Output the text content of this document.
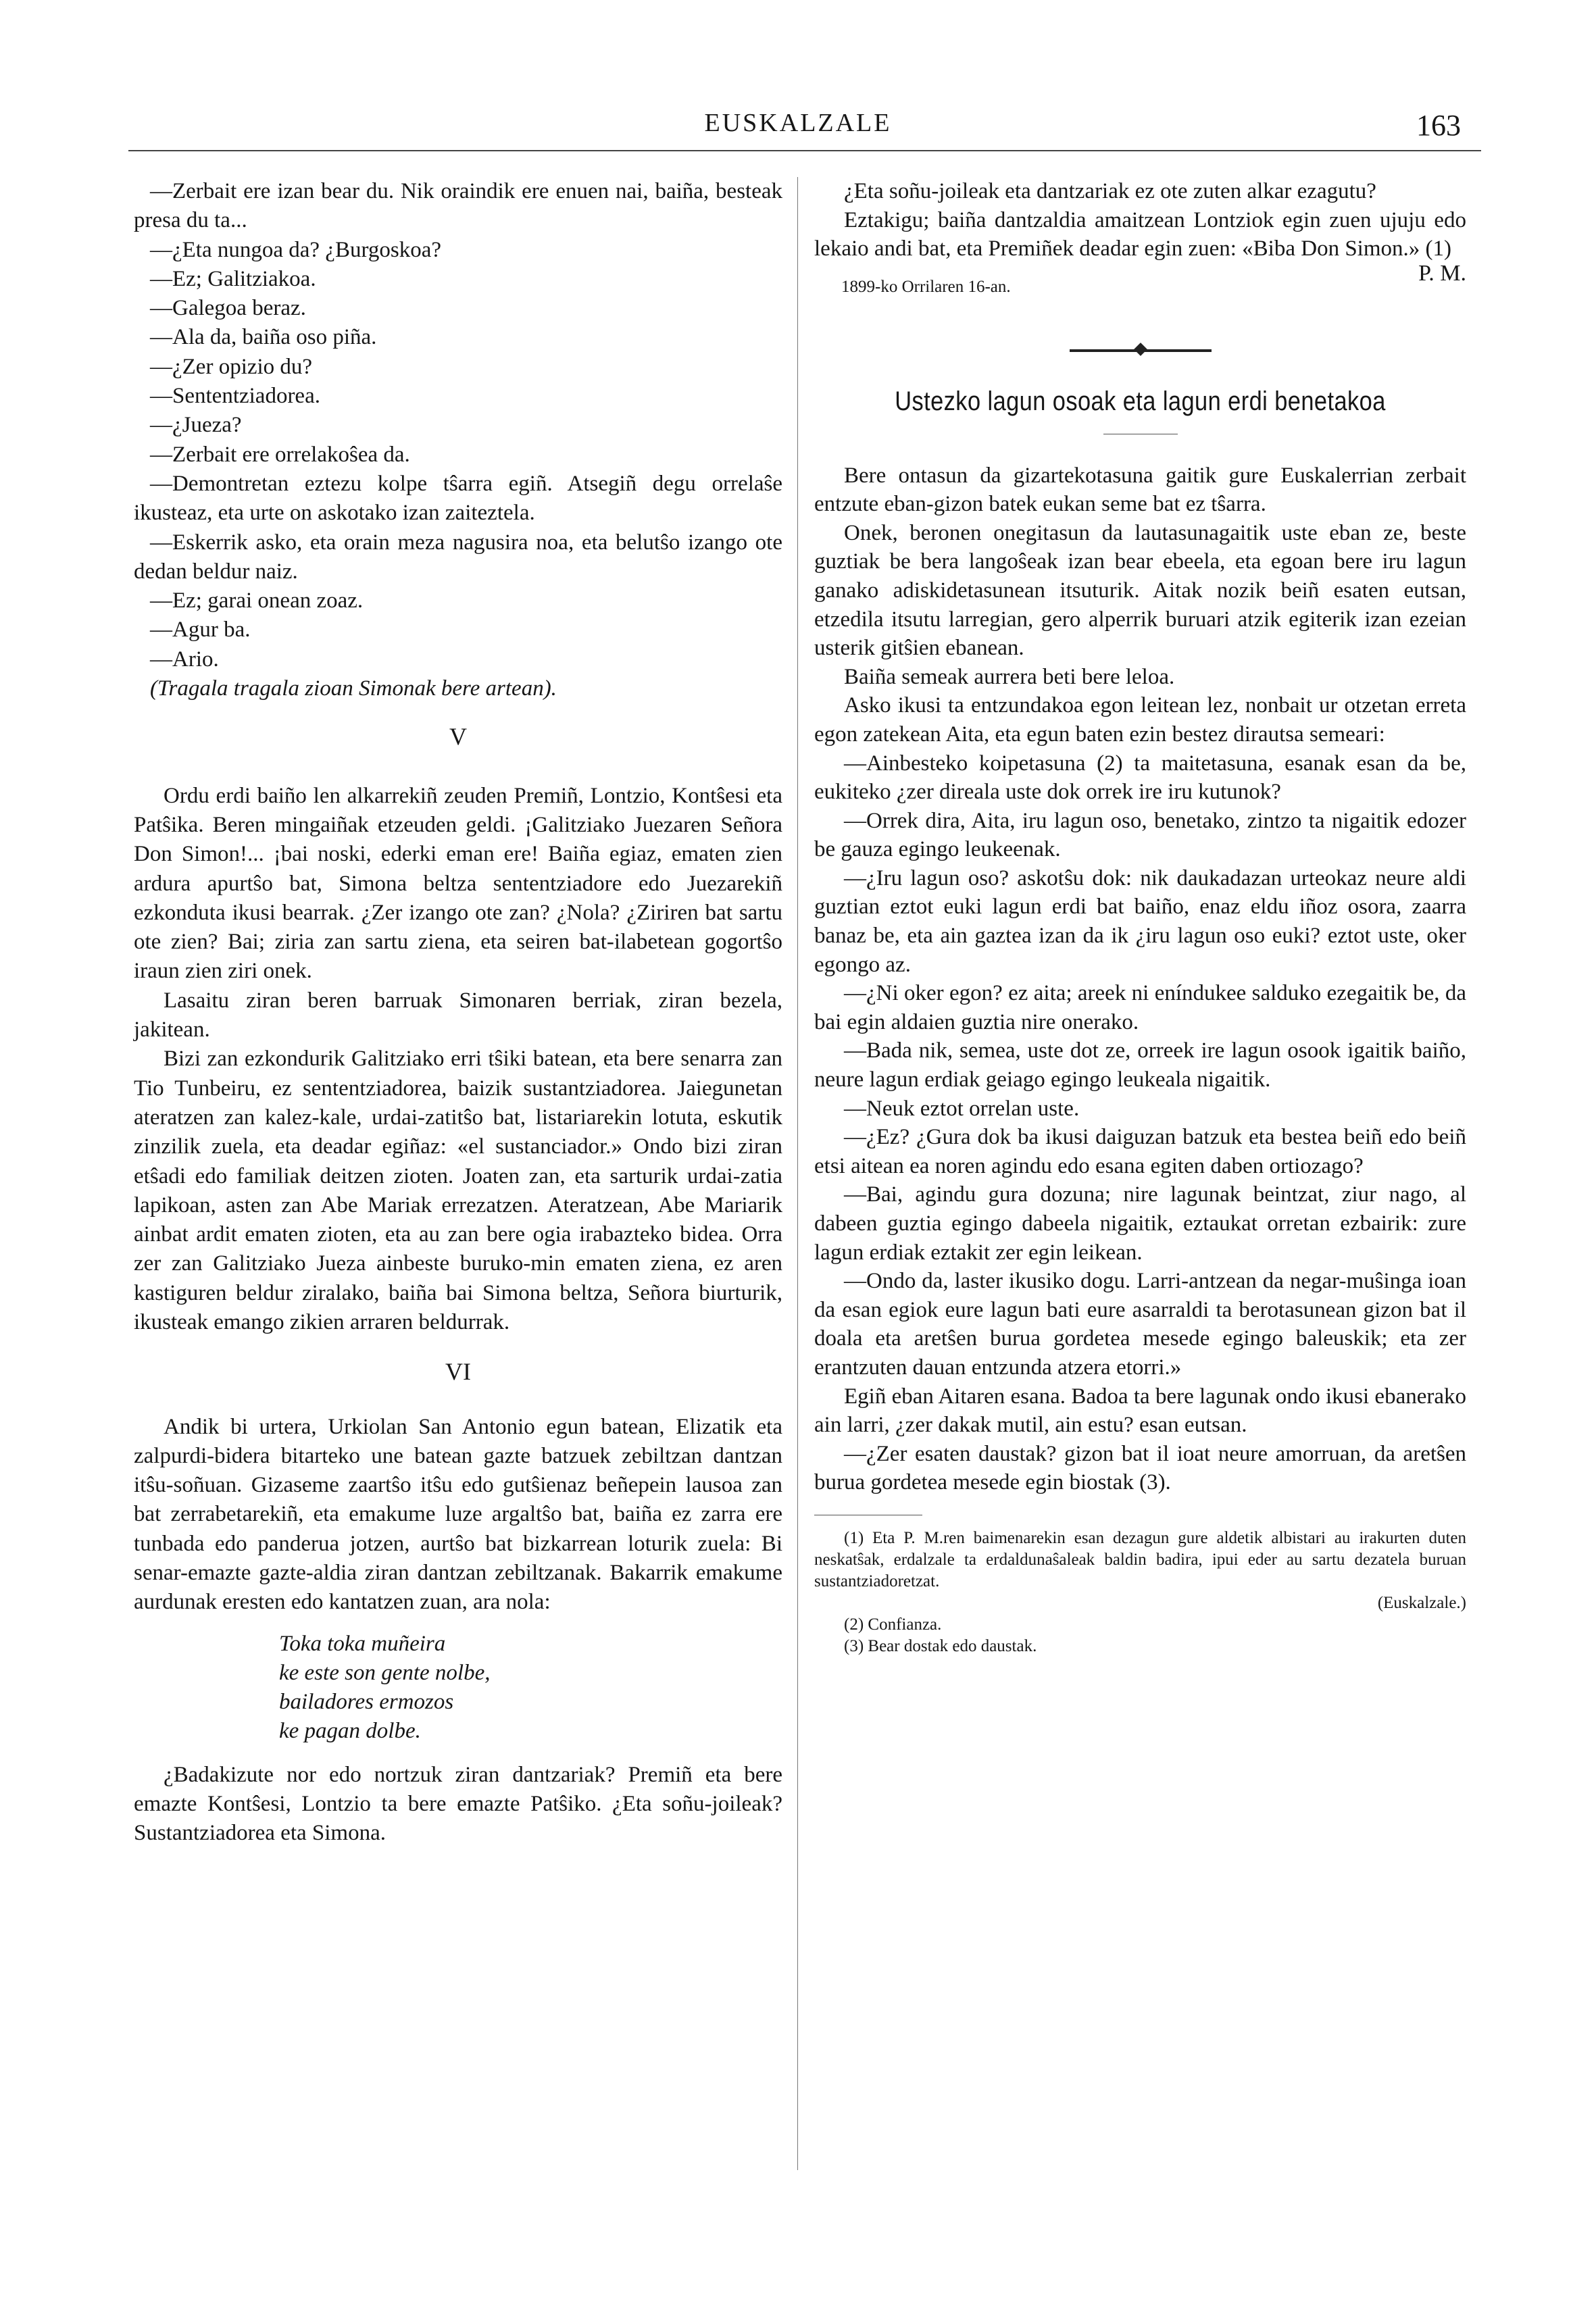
EUSKALZALE	163

—Zerbait ere izan bear du. Nik oraindik ere enuen nai, baiña, besteak presa du ta...

—¿Eta nungoa da? ¿Burgoskoa?

—Ez; Galitziakoa.

—Galegoa beraz.

—Ala da, baiña oso piña.

—¿Zer opizio du?

—Sententziadorea.

—¿Jueza?

—Zerbait ere orrelakoŝea da.

—Demontretan eztezu kolpe tŝarra egiñ. Atsegiñ degu orrelaŝe ikusteaz, eta urte on askotako izan zaiteztela.

—Eskerrik asko, eta orain meza nagusira noa, eta belutŝo izango ote dedan beldur naiz.

—Ez; garai onean zoaz.

—Agur ba.

—Ario.

(Tragala tragala zioan Simonak bere artean).

V

Ordu erdi baiño len alkarrekiñ zeuden Premiñ, Lontzio, Kontŝesi eta Patŝika. Beren mingaiñak etzeuden geldi. ¡Galitziako Juezaren Señora Don Simon!... ¡bai noski, ederki eman ere! Baiña egiaz, ematen zien ardura apurtŝo bat, Simona beltza sententziadore edo Juezarekiñ ezkonduta ikusi bearrak. ¿Zer izango ote zan? ¿Nola? ¿Ziriren bat sartu ote zien? Bai; ziria zan sartu ziena, eta seiren bat-ilabetean gogortŝo iraun zien ziri onek.

Lasaitu ziran beren barruak Simonaren berriak, ziran bezela, jakitean.

Bizi zan ezkondurik Galitziako erri tŝiki batean, eta bere senarra zan Tio Tunbeiru, ez sententziadorea, baizik sustantziadorea. Jaiegunetan ateratzen zan kalez-kale, urdai-zatitŝo bat, listariarekin lotuta, eskutik zinzilik zuela, eta deadar egiñaz: «el sustanciador.» Ondo bizi ziran etŝadi edo familiak deitzen zioten. Joaten zan, eta sarturik urdai-zatia lapikoan, asten zan Abe Mariak errezatzen. Ateratzean, Abe Mariarik ainbat ardit ematen zioten, eta au zan bere ogia irabazteko bidea. Orra zer zan Galitziako Jueza ainbeste buruko-min ematen ziena, ez aren kastiguren beldur ziralako, baiña bai Simona beltza, Señora biurturik, ikusteak emango zikien arraren beldurrak.

VI

Andik bi urtera, Urkiolan San Antonio egun batean, Elizatik eta zalpurdi-bidera bitarteko une batean gazte batzuek zebiltzan dantzan itŝu-soñuan. Gizaseme zaartŝo itŝu edo gutŝienaz beñepein lausoa zan bat zerrabetarekiñ, eta emakume luze argaltŝo bat, baiña ez zarra ere tunbada edo panderua jotzen, aurtŝo bat bizkarrean loturik zuela: Bi senar-emazte gazte-aldia ziran dantzan zebiltzanak. Bakarrik emakume aurdunak eresten edo kantatzen zuan, ara nola:

Toka toka muñeira

ke este son gente nolbe,

bailadores ermozos

ke pagan dolbe.

¿Badakizute nor edo nortzuk ziran dantzariak? Premiñ eta bere emazte Kontŝesi, Lontzio ta bere emazte Patŝiko. ¿Eta soñu-joileak? Sustantziadorea eta Simona.

¿Eta soñu-joileak eta dantzariak ez ote zuten alkar ezagutu?

Eztakigu; baiña dantzaldia amaitzean Lontziok egin zuen ujuju edo lekaio andi bat, eta Premiñek deadar egin zuen: «Biba Don Simon.» (1)

P. M.

1899-ko Orrilaren 16-an.

Ustezko lagun osoak eta lagun erdi benetakoa

Bere ontasun da gizartekotasuna gaitik gure Euskalerrian zerbait entzute eban-gizon batek eukan seme bat ez tŝarra.

Onek, beronen onegitasun da lautasunagaitik uste eban ze, beste guztiak be bera langoŝeak izan bear ebeela, eta egoan bere iru lagun ganako adiskidetasunean itsuturik. Aitak nozik beiñ esaten eutsan, etzedila itsutu larregian, gero alperrik buruari atzik egiterik izan ezeian usterik gitŝien ebanean.

Baiña semeak aurrera beti bere leloa.

Asko ikusi ta entzundakoa egon leitean lez, nonbait ur otzetan erreta egon zatekean Aita, eta egun baten ezin bestez dirautsa semeari:

—Ainbesteko koipetasuna (2) ta maitetasuna, esanak esan da be, eukiteko ¿zer direala uste dok orrek ire iru kutunok?

—Orrek dira, Aita, iru lagun oso, benetako, zintzo ta nigaitik edozer be gauza egingo leukeenak.

—¿Iru lagun oso? askotŝu dok: nik daukadazan urteokaz neure aldi guztian eztot euki lagun erdi bat baiño, enaz eldu iñoz osora, zaarra banaz be, eta ain gaztea izan da ik ¿iru lagun oso euki? eztot uste, oker egongo az.

—¿Ni oker egon? ez aita; areek ni eníndukee salduko ezegaitik be, da bai egin aldaien guztia nire onerako.

—Bada nik, semea, uste dot ze, orreek ire lagun osook igaitik baiño, neure lagun erdiak geiago egingo leukeala nigaitik.

—Neuk eztot orrelan uste.

—¿Ez? ¿Gura dok ba ikusi daiguzan batzuk eta bestea beiñ edo beiñ etsi aitean ea noren agindu edo esana egiten daben ortiozago?

—Bai, agindu gura dozuna; nire lagunak beintzat, ziur nago, al dabeen guztia egingo dabeela nigaitik, eztaukat orretan ezbairik: zure lagun erdiak eztakit zer egin leikean.

—Ondo da, laster ikusiko dogu. Larri-antzean da negar-muŝinga ioan da esan egiok eure lagun bati eure asarraldi ta berotasunean gizon bat il doala eta aretŝen burua gordetea mesede egingo baleuskik; eta zer erantzuten dauan entzunda atzera etorri.»

Egiñ eban Aitaren esana. Badoa ta bere lagunak ondo ikusi ebanerako ain larri, ¿zer dakak mutil, ain estu? esan eutsan.

—¿Zer esaten daustak? gizon bat il ioat neure amorruan, da aretŝen burua gordetea mesede egin biostak (3).

(1) Eta P. M.ren baimenarekin esan dezagun gure aldetik albistari au irakurten duten neskatŝak, erdalzale ta erdaldunaŝaleak baldin badira, ipui eder au sartu dezatela buruan sustantziadoretzat.

(Euskalzale.)

(2) Confianza.

(3) Bear dostak edo daustak.
